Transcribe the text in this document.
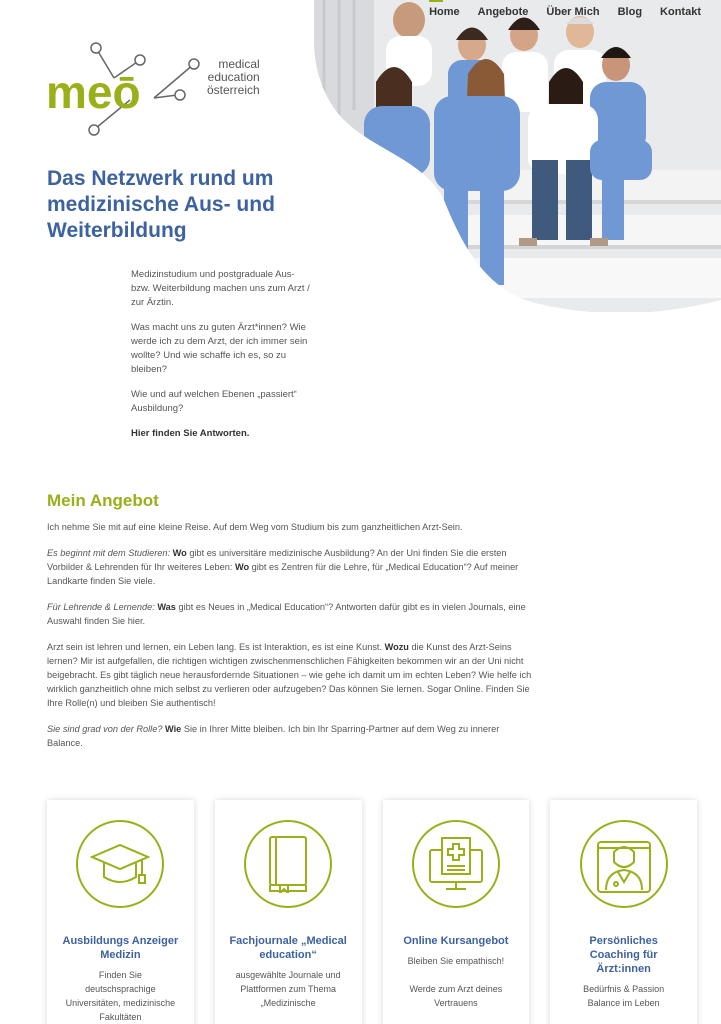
Home Angebote Über Mich Blog Kontakt
meō
medical
education
österreich
Das Netzwerk rund um medizinische Aus- und Weiterbildung

Medizinstudium und postgraduale Aus- bzw. Weiterbildung machen uns zum Arzt / zur Ärztin.

Was macht uns zu guten Ärzt*innen? Wie werde ich zu dem Arzt, der ich immer sein wollte? Und wie schaffe ich es, so zu bleiben?

Wie und auf welchen Ebenen „passiert“ Ausbildung?

Hier finden Sie Antworten.

Mein Angebot

Ich nehme Sie mit auf eine kleine Reise. Auf dem Weg vom Studium bis zum ganzheitlichen Arzt-Sein.

Es beginnt mit dem Studieren: Wo gibt es universitäre medizinische Ausbildung? An der Uni finden Sie die ersten Vorbilder & Lehrenden für Ihr weiteres Leben: Wo gibt es Zentren für die Lehre, für „Medical Education“? Auf meiner Landkarte finden Sie viele.

Für Lehrende & Lernende: Was gibt es Neues in „Medical Education“? Antworten dafür gibt es in vielen Journals, eine Auswahl finden Sie hier.

Arzt sein ist lehren und lernen, ein Leben lang. Es ist Interaktion, es ist eine Kunst. Wozu die Kunst des Arzt-Seins lernen? Mir ist aufgefallen, die richtigen wichtigen zwischenmenschlichen Fähigkeiten bekommen wir an der Uni nicht beigebracht. Es gibt täglich neue herausfordernde Situationen – wie gehe ich damit um im echten Leben? Wie helfe ich wirklich ganzheitlich ohne mich selbst zu verlieren oder aufzugeben? Das können Sie lernen. Sogar Online. Finden Sie Ihre Rolle(n) und bleiben Sie authentisch!

Sie sind grad von der Rolle? Wie Sie in Ihrer Mitte bleiben. Ich bin Ihr Sparring-Partner auf dem Weg zu innerer Balance.

Ausbildungs Anzeiger Medizin
Finden Sie deutschsprachige Universitäten, medizinische Fakultäten
Fachjournale „Medical education“
ausgewählte Journale und Plattformen zum Thema „Medizinische
Online Kursangebot
Bleiben Sie empathisch!
Werde zum Arzt deines Vertrauens
Persönliches Coaching für Ärzt:innen
Bedürfnis & Passion Balance im Leben
